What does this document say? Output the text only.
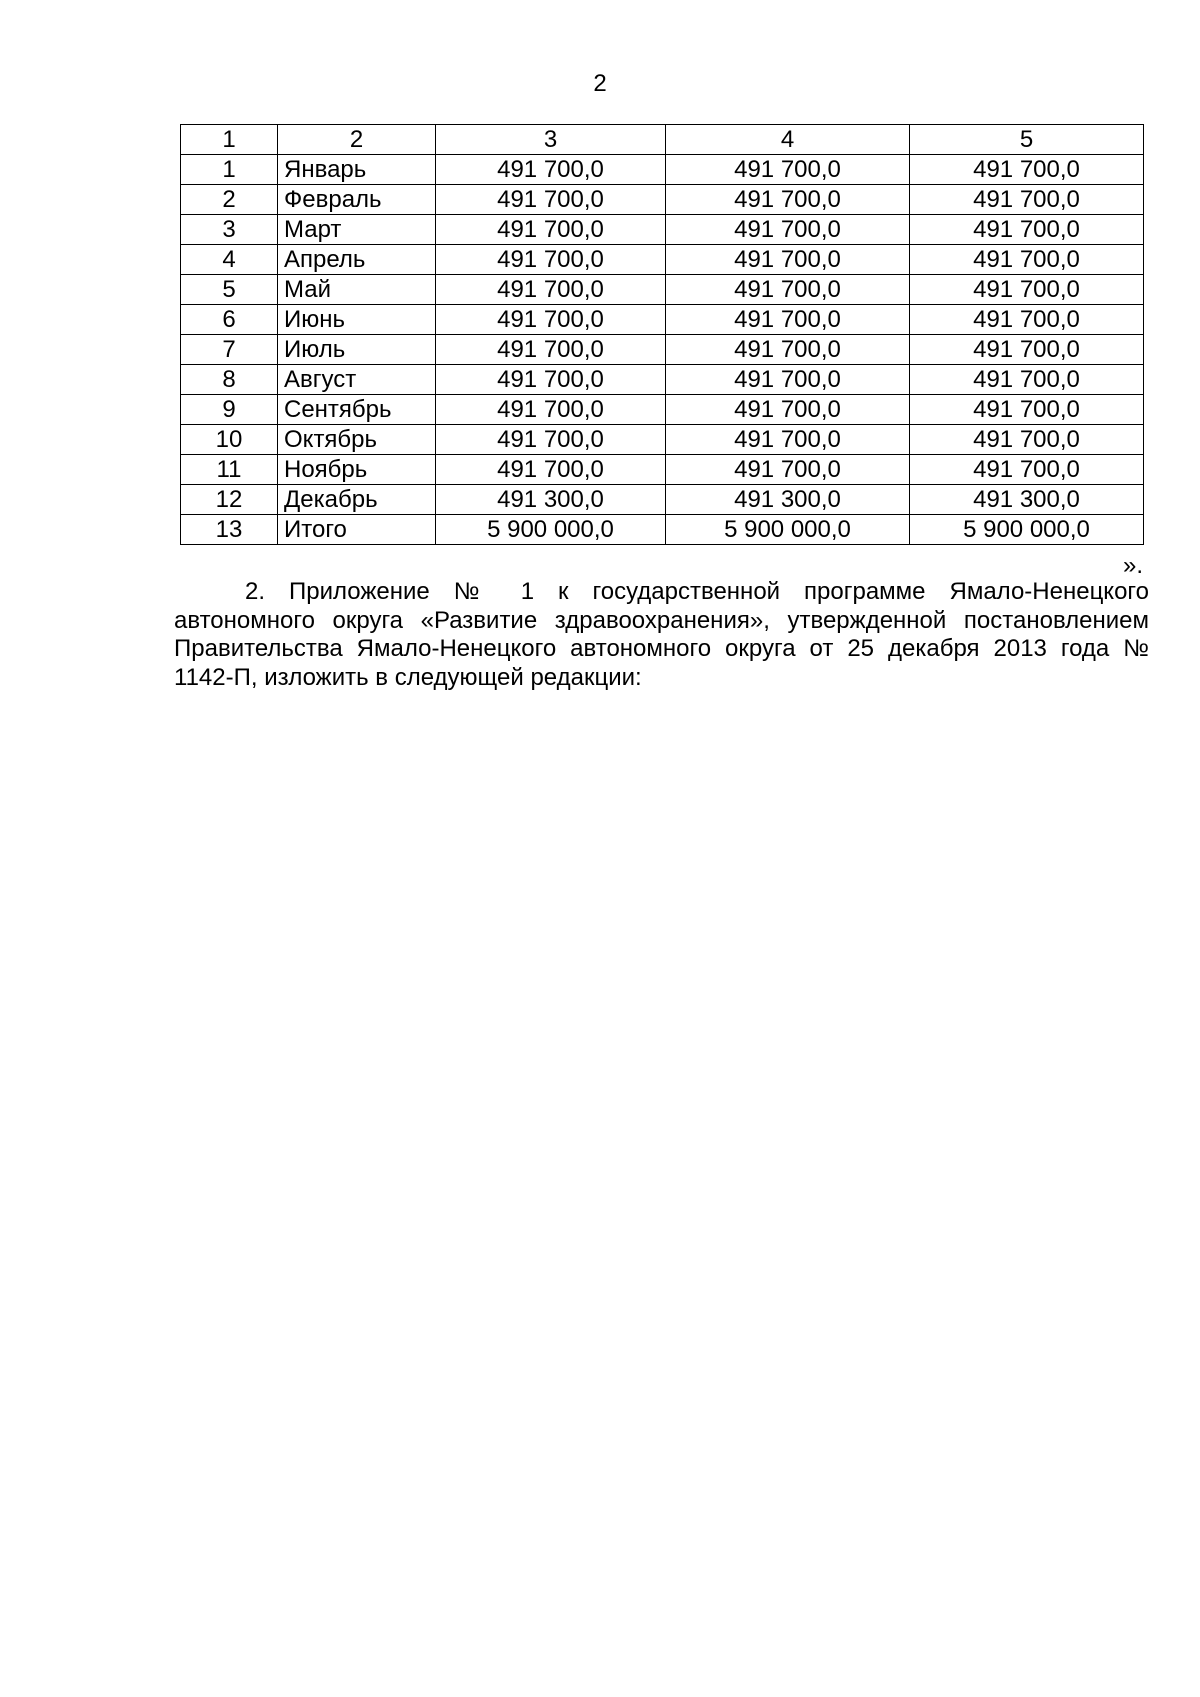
2
1	2	3	4	5
1	Январь	491 700,0	491 700,0	491 700,0
2	Февраль	491 700,0	491 700,0	491 700,0
3	Март	491 700,0	491 700,0	491 700,0
4	Апрель	491 700,0	491 700,0	491 700,0
5	Май	491 700,0	491 700,0	491 700,0
6	Июнь	491 700,0	491 700,0	491 700,0
7	Июль	491 700,0	491 700,0	491 700,0
8	Август	491 700,0	491 700,0	491 700,0
9	Сентябрь	491 700,0	491 700,0	491 700,0
10	Октябрь	491 700,0	491 700,0	491 700,0
11	Ноябрь	491 700,0	491 700,0	491 700,0
12	Декабрь	491 300,0	491 300,0	491 300,0
13	Итого	5 900 000,0	5 900 000,0	5 900 000,0
».

2. Приложение № 1 к государственной программе Ямало-Ненецкого автономного округа «Развитие здравоохранения», утвержденной постановлением Правительства Ямало-Ненецкого автономного округа от 25 декабря 2013 года № 1142-П, изложить в следующей редакции:
